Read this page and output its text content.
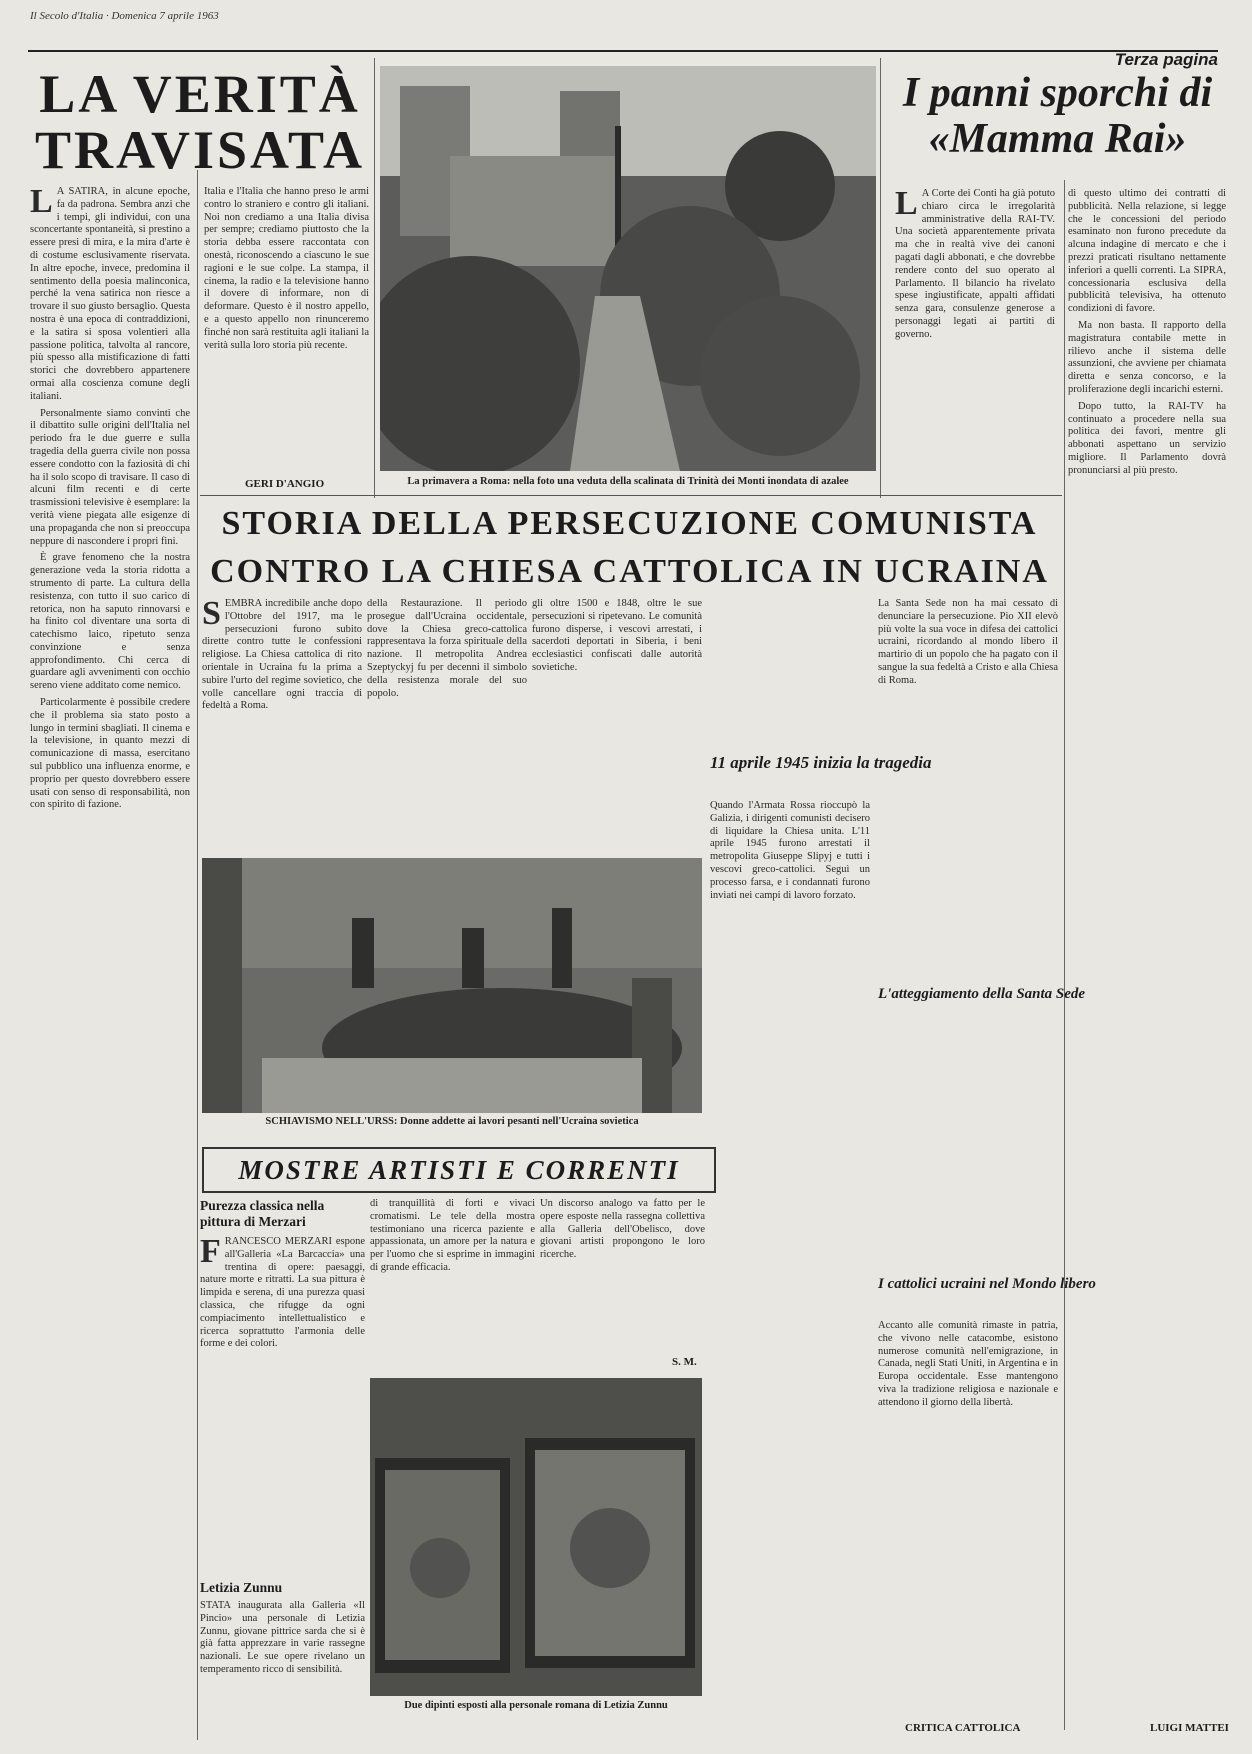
Il Secolo d'Italia · Domenica 7 aprile 1963
Terza pagina
LA VERITÀ TRAVISATA

L A SATIRA, in alcune epoche, fa da padrona. Sembra anzi che i tempi, gli individui, con una sconcertante spontaneità, si prestino a essere presi di mira, e la mira d'arte è di costume esclusivamente riservata. In altre epoche, invece, predomina il sentimento della poesia malinconica, perché la vena satirica non riesce a trovare il suo giusto bersaglio. Questa nostra è una epoca di contraddizioni, e la satira si sposa volentieri alla passione politica, talvolta al rancore, più spesso alla mistificazione di fatti storici che dovrebbero appartenere ormai alla coscienza comune degli italiani.

Personalmente siamo convinti che il dibattito sulle origini dell'Italia nel periodo fra le due guerre e sulla tragedia della guerra civile non possa essere condotto con la faziosità di chi ha il solo scopo di travisare. Il caso di alcuni film recenti e di certe trasmissioni televisive è esemplare: la verità viene piegata alle esigenze di una propaganda che non si preoccupa neppure di nascondere i propri fini.

È grave fenomeno che la nostra generazione veda la storia ridotta a strumento di parte. La cultura della resistenza, con tutto il suo carico di retorica, non ha saputo rinnovarsi e ha finito col diventare una sorta di catechismo laico, ripetuto senza convinzione e senza approfondimento. Chi cerca di guardare agli avvenimenti con occhio sereno viene additato come nemico.

Particolarmente è possibile credere che il problema sia stato posto a lungo in termini sbagliati. Il cinema e la televisione, in quanto mezzi di comunicazione di massa, esercitano sul pubblico una influenza enorme, e proprio per questo dovrebbero essere usati con senso di responsabilità, non con spirito di fazione.

Italia e l'Italia che hanno preso le armi contro lo straniero e contro gli italiani. Noi non crediamo a una Italia divisa per sempre; crediamo piuttosto che la storia debba essere raccontata con onestà, riconoscendo a ciascuno le sue ragioni e le sue colpe. La stampa, il cinema, la radio e la televisione hanno il dovere di informare, non di deformare. Questo è il nostro appello, e a questo appello non rinunceremo finché non sarà restituita agli italiani la verità sulla loro storia più recente.

GERI D'ANGIO	La primavera a Roma: nella foto una veduta della scalinata di Trinità dei Monti inondata di azalee
I panni sporchi di «Mamma Rai»

L A Corte dei Conti ha già potuto chiaro circa le irregolarità amministrative della RAI-TV. Una società apparentemente privata ma che in realtà vive dei canoni pagati dagli abbonati, e che dovrebbe rendere conto del suo operato al Parlamento. Il bilancio ha rivelato spese ingiustificate, appalti affidati senza gara, consulenze generose a personaggi legati ai partiti di governo.

di questo ultimo dei contratti di pubblicità. Nella relazione, si legge che le concessioni del periodo esaminato non furono precedute da alcuna indagine di mercato e che i prezzi praticati risultano nettamente inferiori a quelli correnti. La SIPRA, concessionaria esclusiva della pubblicità televisiva, ha ottenuto condizioni di favore.

Ma non basta. Il rapporto della magistratura contabile mette in rilievo anche il sistema delle assunzioni, che avviene per chiamata diretta e senza concorso, e la proliferazione degli incarichi esterni.

Dopo tutto, la RAI-TV ha continuato a procedere nella sua politica dei favori, mentre gli abbonati aspettano un servizio migliore. Il Parlamento dovrà pronunciarsi al più presto.

CRITICA CATTOLICA	LUIGI MATTEI
STORIA DELLA PERSECUZIONE COMUNISTA CONTRO LA CHIESA CATTOLICA IN UCRAINA

SEMBRA incredibile anche dopo l'Ottobre del 1917, ma le persecuzioni furono subito dirette contro tutte le confessioni religiose. La Chiesa cattolica di rito orientale in Ucraina fu la prima a subire l'urto del regime sovietico, che volle cancellare ogni traccia di fedeltà a Roma.

della Restaurazione. Il periodo prosegue dall'Ucraina occidentale, dove la Chiesa greco-cattolica rappresentava la forza spirituale della nazione. Il metropolita Andrea Szeptyckyj fu per decenni il simbolo della resistenza morale del suo popolo.

gli oltre 1500 e 1848, oltre le sue persecuzioni si ripetevano. Le comunità furono disperse, i vescovi arrestati, i sacerdoti deportati in Siberia, i beni ecclesiastici confiscati dalle autorità sovietiche.

11 aprile 1945 inizia la tragedia

Quando l'Armata Rossa rioccupò la Galizia, i dirigenti comunisti decisero di liquidare la Chiesa unita. L'11 aprile 1945 furono arrestati il metropolita Giuseppe Slipyj e tutti i vescovi greco-cattolici. Seguì un processo farsa, e i condannati furono inviati nei campi di lavoro forzato.

La Santa Sede non ha mai cessato di denunciare la persecuzione. Pio XII elevò più volte la sua voce in difesa dei cattolici ucraini, ricordando al mondo libero il martirio di un popolo che ha pagato con il sangue la sua fedeltà a Cristo e alla Chiesa di Roma.

L'atteggiamento della Santa Sede
I cattolici ucraini nel Mondo libero

Accanto alle comunità rimaste in patria, che vivono nelle catacombe, esistono numerose comunità nell'emigrazione, in Canada, negli Stati Uniti, in Argentina e in Europa occidentale. Esse mantengono viva la tradizione religiosa e nazionale e attendono il giorno della libertà.

SCHIAVISMO NELL'URSS: Donne addette ai lavori pesanti nell'Ucraina sovietica
MOSTRE ARTISTI E CORRENTI
Purezza classica nella pittura di Merzari

FRANCESCO MERZARI espone all'Galleria «La Barcaccia» una trentina di opere: paesaggi, nature morte e ritratti. La sua pittura è limpida e serena, di una purezza quasi classica, che rifugge da ogni compiacimento intellettualistico e ricerca soprattutto l'armonia delle forme e dei colori.

di tranquillità di forti e vivaci cromatismi. Le tele della mostra testimoniano una ricerca paziente e appassionata, un amore per la natura e per l'uomo che si esprime in immagini di grande efficacia.

Un discorso analogo va fatto per le opere esposte nella rassegna collettiva alla Galleria dell'Obelisco, dove giovani artisti propongono le loro ricerche.

S. M.
Letizia Zunnu

STATA inaugurata alla Galleria «Il Pincio» una personale di Letizia Zunnu, giovane pittrice sarda che si è già fatta apprezzare in varie rassegne nazionali. Le sue opere rivelano un temperamento ricco di sensibilità.

Due dipinti esposti alla personale romana di Letizia Zunnu
